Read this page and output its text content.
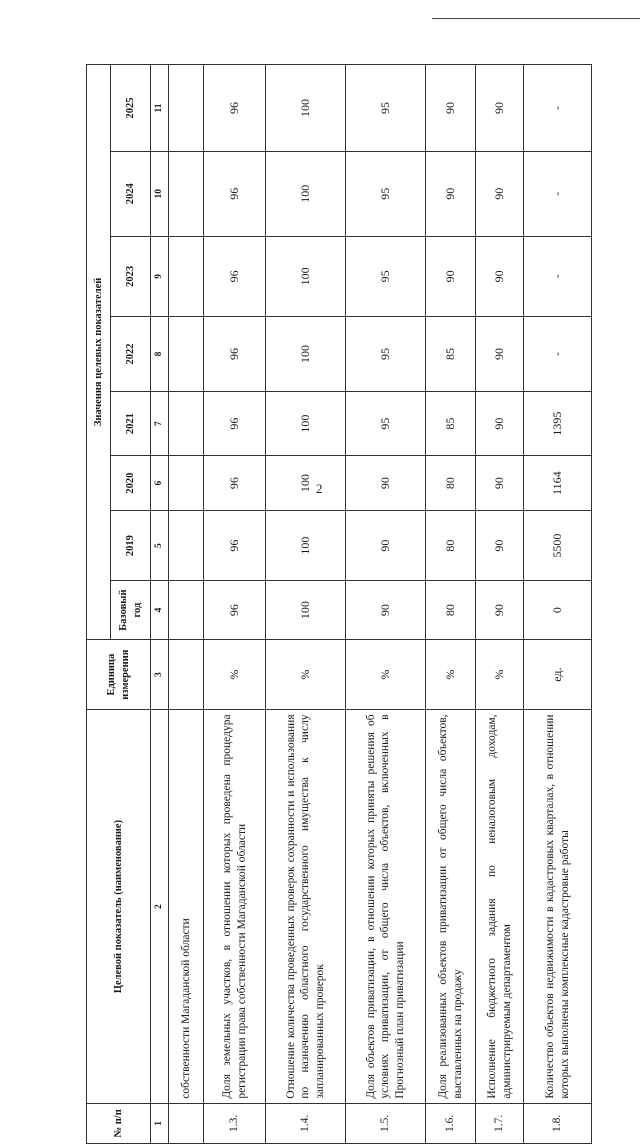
2
№ п/п	Целевой показатель (наименование)	Единица измерения	Значения целевых показателей							
			Базовый год	2019	2020	2021	2022	2023	2024	2025
1	2	3	4	5	6	7	8	9	10	11
	собственности Магаданской области									
1.3.	Доля земельных участков, в отношении которых проведена процедура регистрации права собственности Магаданской области	%	96	96	96	96	96	96	96	96
1.4.	Отношение количества проведенных проверок сохранности и использования по назначению областного государственного имущества к числу запланированных проверок	%	100	100	100	100	100	100	100	100
1.5.	Доля объектов приватизации, в отношении которых приняты решения об условиях приватизации, от общего числа объектов, включенных в Прогнозный план приватизации	%	90	90	90	95	95	95	95	95
1.6.	Доля реализованных объектов приватизации от общего числа объектов, выставленных на продажу	%	80	80	80	85	85	90	90	90
1.7.	Исполнение бюджетного задания по неналоговым доходам, администрируемым департаментом	%	90	90	90	90	90	90	90	90
1.8.	Количество объектов недвижимости в кадастровых кварталах, в отношении которых выполнены комплексные кадастровые работы	ед.	0	5500	1164	1395	-	-	-	-
